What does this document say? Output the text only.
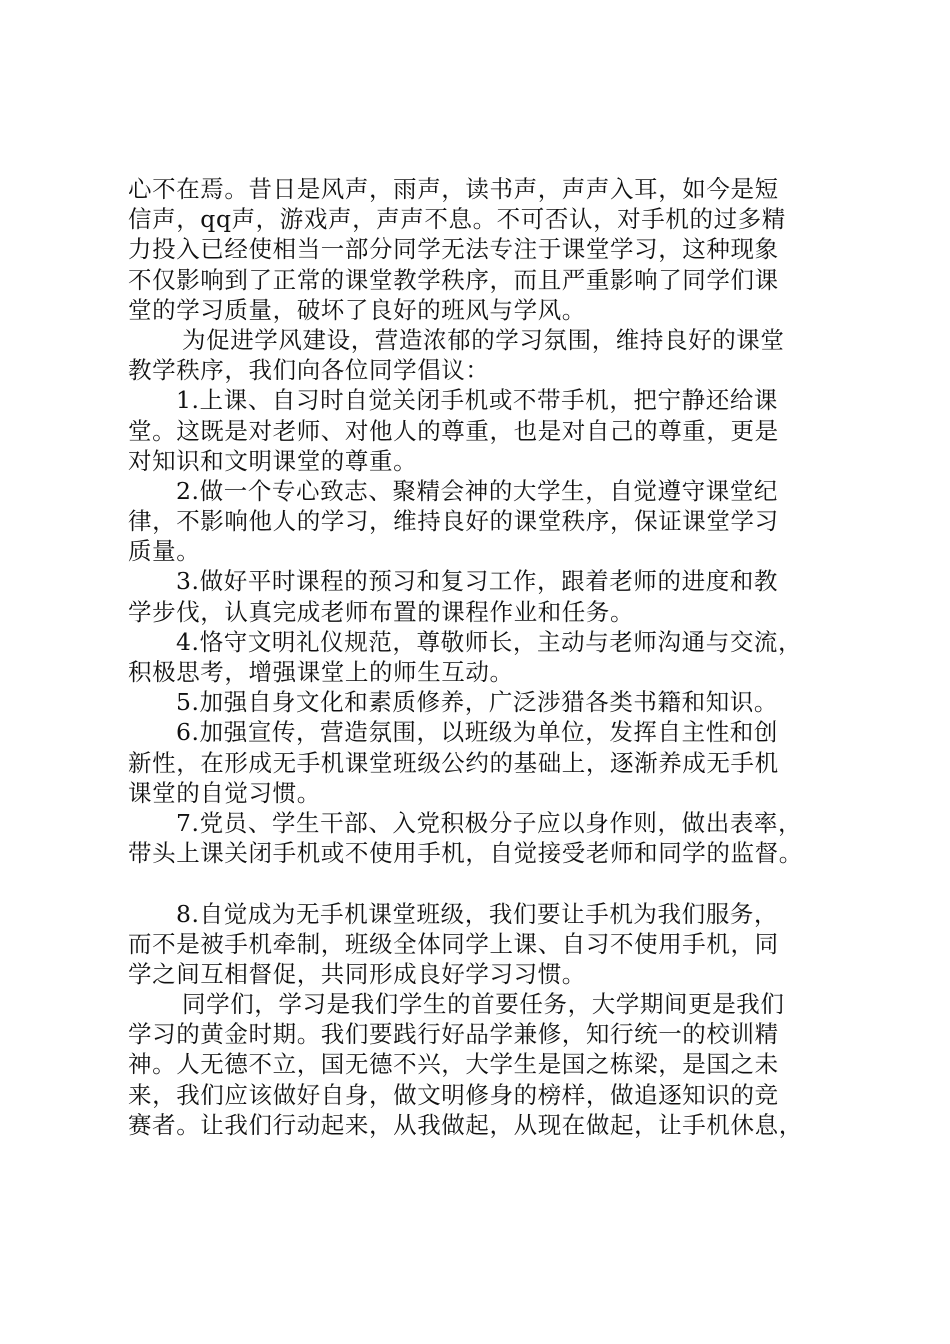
心不在焉。昔日是风声，雨声，读书声，声声入耳，如今是短
信声，qq声，游戏声，声声不息。不可否认，对手机的过多精
力投入已经使相当一部分同学无法专注于课堂学习，这种现象
不仅影响到了正常的课堂教学秩序，而且严重影响了同学们课
堂的学习质量，破坏了良好的班风与学风。
为促进学风建设，营造浓郁的学习氛围，维持良好的课堂
教学秩序，我们向各位同学倡议：
1.上课、自习时自觉关闭手机或不带手机，把宁静还给课
堂。这既是对老师、对他人的尊重，也是对自己的尊重，更是
对知识和文明课堂的尊重。
2.做一个专心致志、聚精会神的大学生，自觉遵守课堂纪
律，不影响他人的学习，维持良好的课堂秩序，保证课堂学习
质量。
3.做好平时课程的预习和复习工作，跟着老师的进度和教
学步伐，认真完成老师布置的课程作业和任务。
4.恪守文明礼仪规范，尊敬师长，主动与老师沟通与交流，
积极思考，增强课堂上的师生互动。
5.加强自身文化和素质修养，广泛涉猎各类书籍和知识。
6.加强宣传，营造氛围，以班级为单位，发挥自主性和创
新性，在形成无手机课堂班级公约的基础上，逐渐养成无手机
课堂的自觉习惯。
7.党员、学生干部、入党积极分子应以身作则，做出表率，
带头上课关闭手机或不使用手机，自觉接受老师和同学的监督。
8.自觉成为无手机课堂班级，我们要让手机为我们服务，
而不是被手机牵制，班级全体同学上课、自习不使用手机，同
学之间互相督促，共同形成良好学习习惯。
同学们，学习是我们学生的首要任务，大学期间更是我们
学习的黄金时期。我们要践行好品学兼修，知行统一的校训精
神。人无德不立，国无德不兴，大学生是国之栋梁，是国之未
来，我们应该做好自身，做文明修身的榜样，做追逐知识的竞
赛者。让我们行动起来，从我做起，从现在做起，让手机休息，
